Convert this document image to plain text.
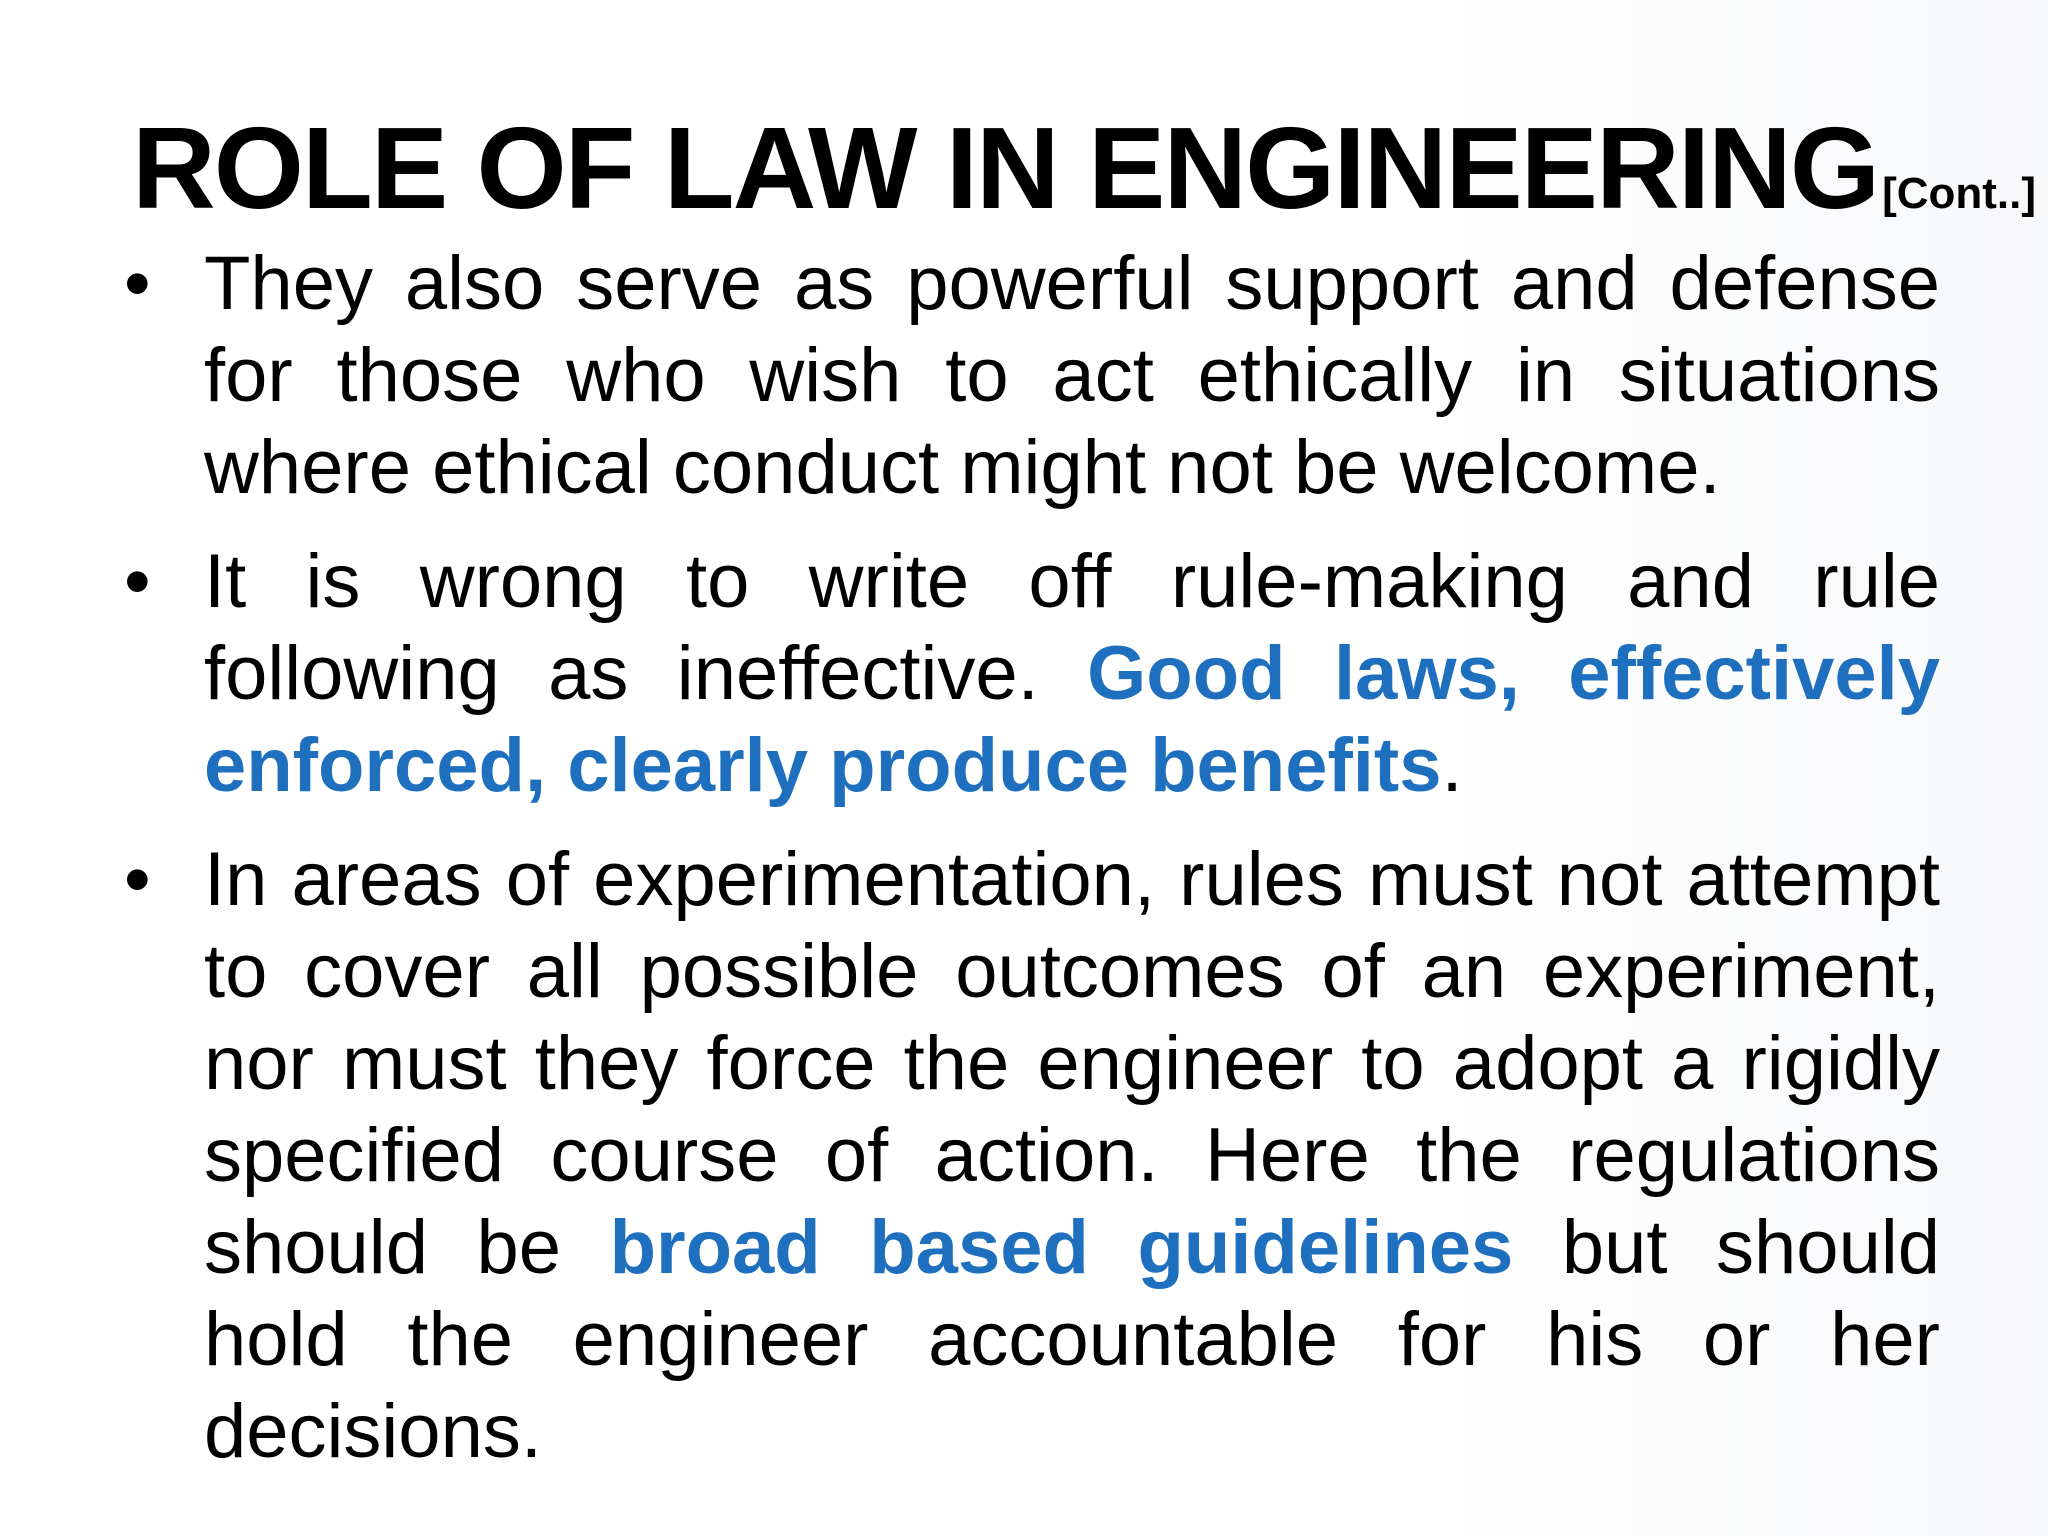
ROLE OF LAW IN ENGINEERING[Cont..]
• They also serve as powerful support and defense for those who wish to act ethically in situations where ethical conduct might not be welcome.
• It is wrong to write off rule-making and rule following as ineffective. Good laws, effectively enforced, clearly produce benefits.
• In areas of experimentation, rules must not attempt to cover all possible outcomes of an experiment, nor must they force the engineer to adopt a rigidly specified course of action. Here the regulations should be broad based guidelines but should hold the engineer accountable for his or her decisions.
